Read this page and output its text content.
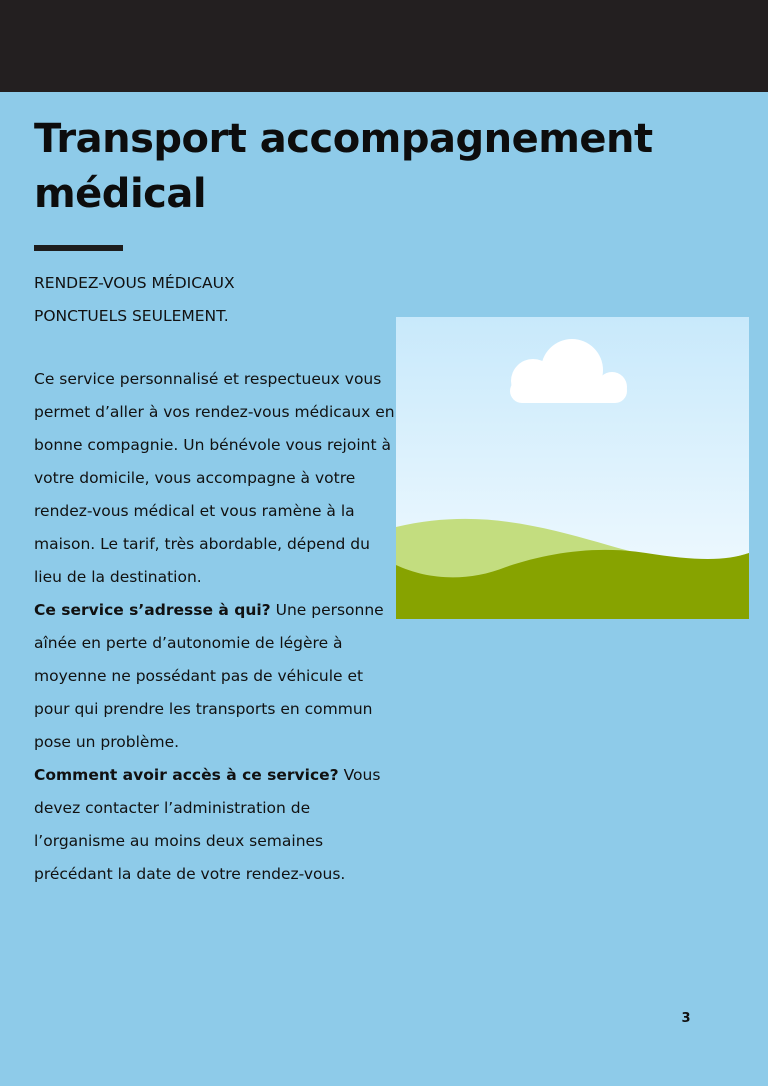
Transport accompagnement
médical
RENDEZ-VOUS MÉDICAUX
PONCTUELS SEULEMENT.

Ce service personnalisé et respectueux vous permet d’aller à vos rendez-vous médicaux en bonne compagnie. Un bénévole vous rejoint à votre domicile, vous accompagne à votre rendez-vous médical et vous ramène à la maison. Le tarif, très abordable, dépend du lieu de la destination.

Ce service s’adresse à qui? Une personne aînée en perte d’autonomie de légère à moyenne ne possédant pas de véhicule et pour qui prendre les transports en commun pose un problème.

Comment avoir accès à ce service? Vous devez contacter l’administration de l’organisme au moins deux semaines précédant la date de votre rendez-vous.

3
